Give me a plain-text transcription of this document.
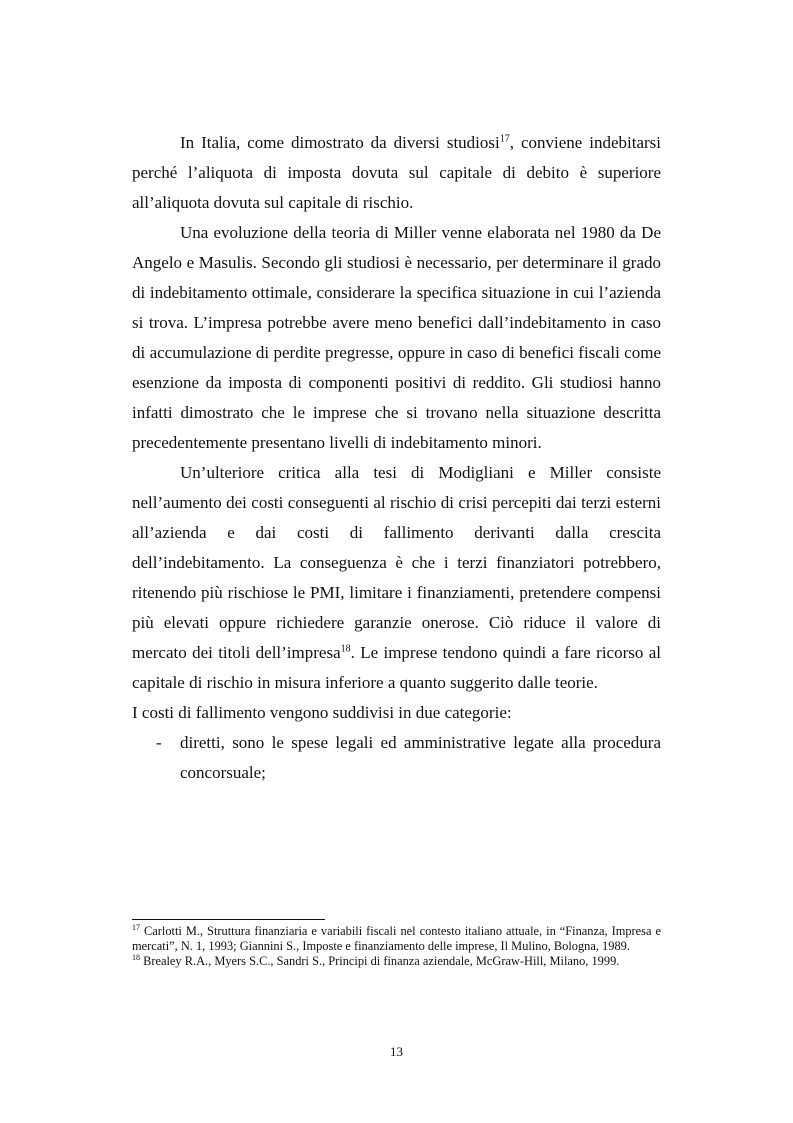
In Italia, come dimostrato da diversi studiosi$^{17}$, conviene indebitarsi perché l’aliquota di imposta dovuta sul capitale di debito è superiore all’aliquota dovuta sul capitale di rischio.

Una evoluzione della teoria di Miller venne elaborata nel 1980 da De Angelo e Masulis. Secondo gli studiosi è necessario, per determinare il grado di indebitamento ottimale, considerare la specifica situazione in cui l’azienda si trova. L’impresa potrebbe avere meno benefici dall’indebitamento in caso di accumulazione di perdite pregresse, oppure in caso di benefici fiscali come esenzione da imposta di componenti positivi di reddito. Gli studiosi hanno infatti dimostrato che le imprese che si trovano nella situazione descritta precedentemente presentano livelli di indebitamento minori.

Un’ulteriore critica alla tesi di Modigliani e Miller consiste nell’aumento dei costi conseguenti al rischio di crisi percepiti dai terzi esterni all’azienda e dai costi di fallimento derivanti dalla crescita dell’indebitamento. La conseguenza è che i terzi finanziatori potrebbero, ritenendo più rischiose le PMI, limitare i finanziamenti, pretendere compensi più elevati oppure richiedere garanzie onerose. Ciò riduce il valore di mercato dei titoli dell’impresa$^{18}$. Le imprese tendono quindi a fare ricorso al capitale di rischio in misura inferiore a quanto suggerito dalle teorie.

I costi di fallimento vengono suddivisi in due categorie:

- diretti, sono le spese legali ed amministrative legate alla procedura concorsuale;

$^{17}$ Carlotti M., Struttura finanziaria e variabili fiscali nel contesto italiano attuale, in “Finanza, Impresa e mercati”, N. 1, 1993; Giannini S., Imposte e finanziamento delle imprese, Il Mulino, Bologna, 1989.

$^{18}$ Brealey R.A., Myers S.C., Sandri S., Principi di finanza aziendale, McGraw-Hill, Milano, 1999.

13
